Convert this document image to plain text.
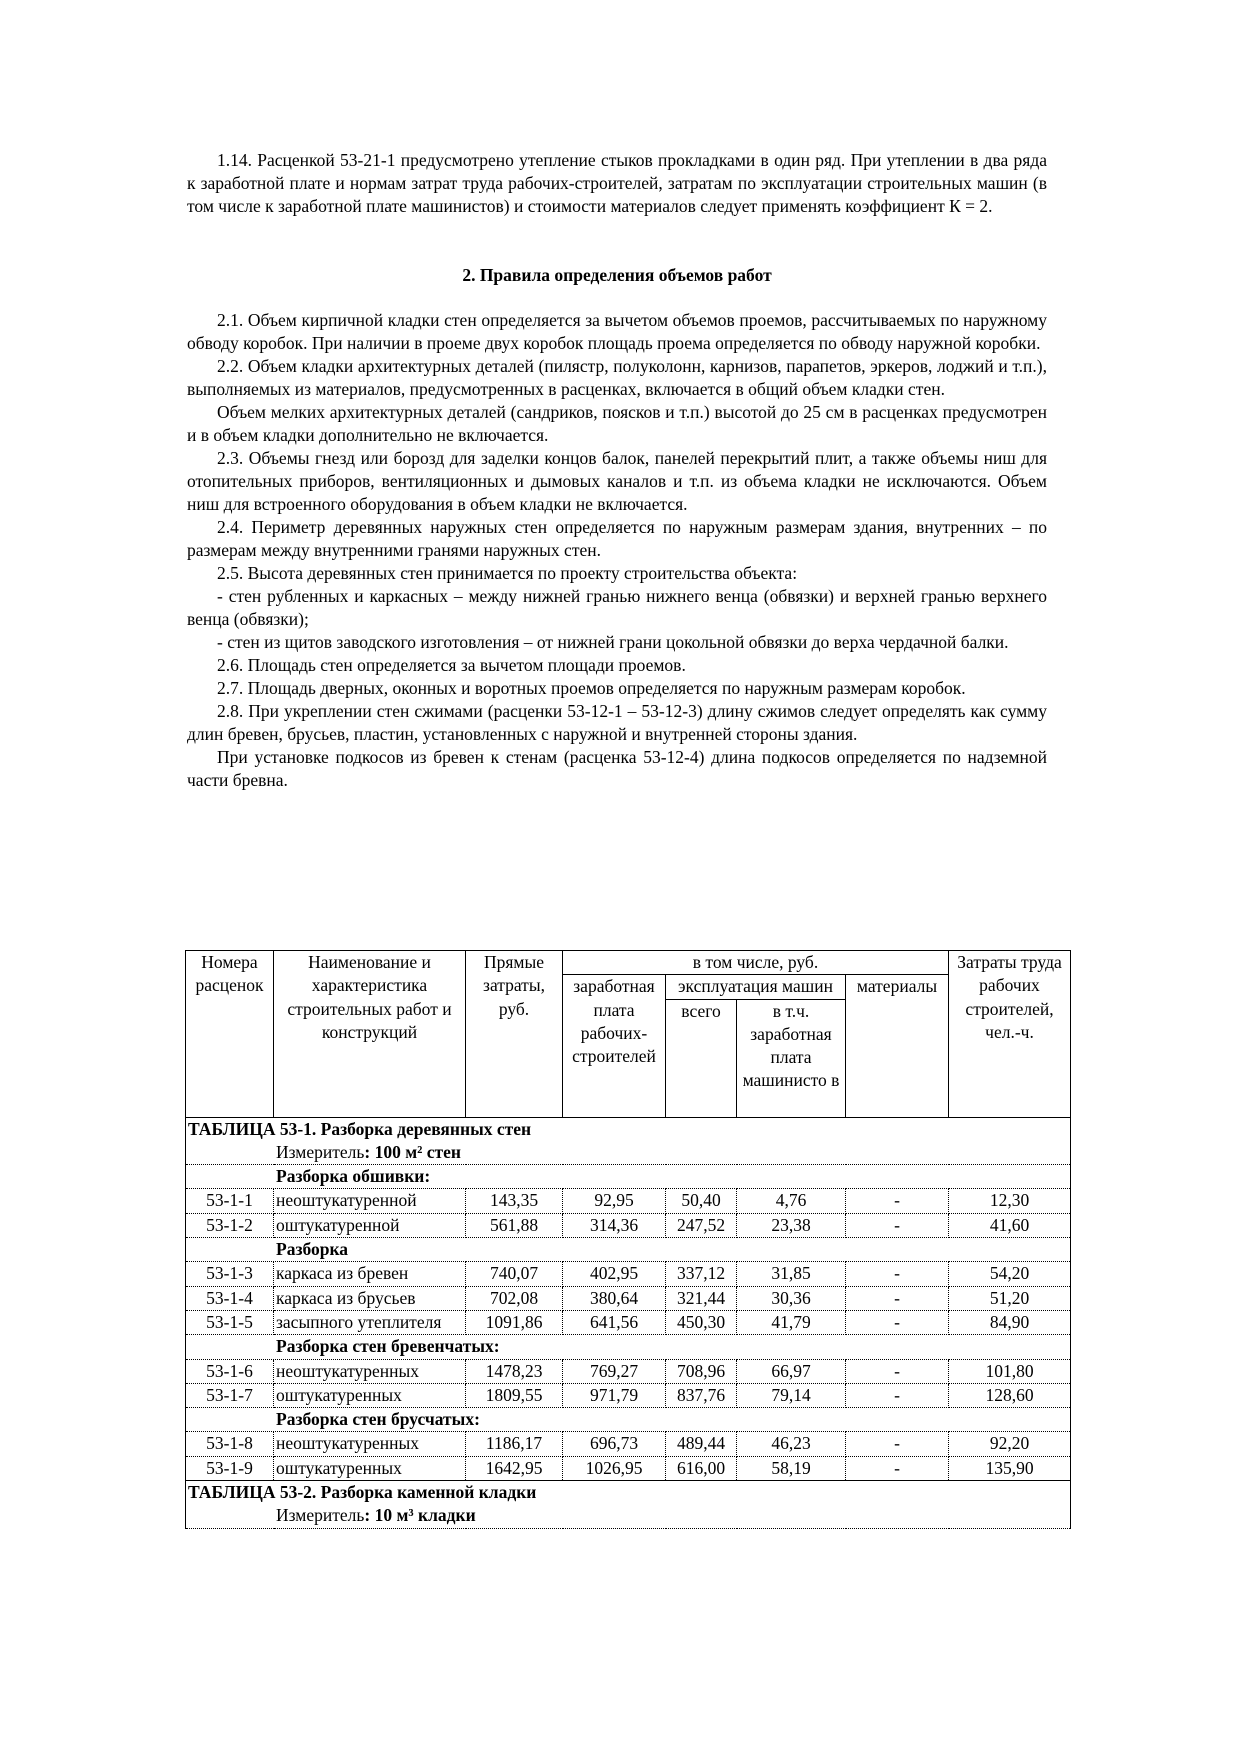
1.14. Расценкой 53-21-1 предусмотрено утепление стыков прокладками в один ряд. При утеплении в два ряда к заработной плате и нормам затрат труда рабочих-строителей, затратам по эксплуатации строительных машин (в том числе к заработной плате машинистов) и стоимости материалов следует применять коэффициент К = 2.

2. Правила определения объемов работ

2.1. Объем кирпичной кладки стен определяется за вычетом объемов проемов, рассчитываемых по наружному обводу коробок. При наличии в проеме двух коробок площадь проема определяется по обводу наружной коробки.

2.2. Объем кладки архитектурных деталей (пилястр, полуколонн, карнизов, парапетов, эркеров, лоджий и т.п.), выполняемых из материалов, предусмотренных в расценках, включается в общий объем кладки стен.

Объем мелких архитектурных деталей (сандриков, поясков и т.п.) высотой до 25 см в расценках предусмотрен и в объем кладки дополнительно не включается.

2.3. Объемы гнезд или борозд для заделки концов балок, панелей перекрытий плит, а также объемы ниш для отопительных приборов, вентиляционных и дымовых каналов и т.п. из объема кладки не исключаются. Объем ниш для встроенного оборудования в объем кладки не включается.

2.4. Периметр деревянных наружных стен определяется по наружным размерам здания, внутренних – по размерам между внутренними гранями наружных стен.

2.5. Высота деревянных стен принимается по проекту строительства объекта:

- стен рубленных и каркасных – между нижней гранью нижнего венца (обвязки) и верхней гранью верхнего венца (обвязки);

- стен из щитов заводского изготовления – от нижней грани цокольной обвязки до верха чердачной балки.

2.6. Площадь стен определяется за вычетом площади проемов.

2.7. Площадь дверных, оконных и воротных проемов определяется по наружным размерам коробок.

2.8. При укреплении стен сжимами (расценки 53-12-1 – 53-12-3) длину сжимов следует определять как сумму длин бревен, брусьев, пластин, установленных с наружной и внутренней стороны здания.

При установке подкосов из бревен к стенам (расценка 53-12-4) длина подкосов определяется по надземной части бревна.

Номера расценок	Наименование и характеристика строительных работ и конструкций	Прямые затраты, руб.	в том числе, руб.				Затраты труда рабочих строителей, чел.-ч.
			заработная плата рабочих-строителей	эксплуатация машин		материалы	
				всего	в т.ч. заработная плата машинисто в		
ТАБЛИЦА 53-1. Разборка деревянных стен							
Измеритель: 100 м² стен							
Разборка обшивки:							
53-1-1	неоштукатуренной	143,35	92,95	50,40	4,76	-	12,30
53-1-2	оштукатуренной	561,88	314,36	247,52	23,38	-	41,60
Разборка							
53-1-3	каркаса из бревен	740,07	402,95	337,12	31,85	-	54,20
53-1-4	каркаса из брусьев	702,08	380,64	321,44	30,36	-	51,20
53-1-5	засыпного утеплителя	1091,86	641,56	450,30	41,79	-	84,90
Разборка стен бревенчатых:							
53-1-6	неоштукатуренных	1478,23	769,27	708,96	66,97	-	101,80
53-1-7	оштукатуренных	1809,55	971,79	837,76	79,14	-	128,60
Разборка стен брусчатых:							
53-1-8	неоштукатуренных	1186,17	696,73	489,44	46,23	-	92,20
53-1-9	оштукатуренных	1642,95	1026,95	616,00	58,19	-	135,90
ТАБЛИЦА 53-2. Разборка каменной кладки							
Измеритель: 10 м³ кладки							
